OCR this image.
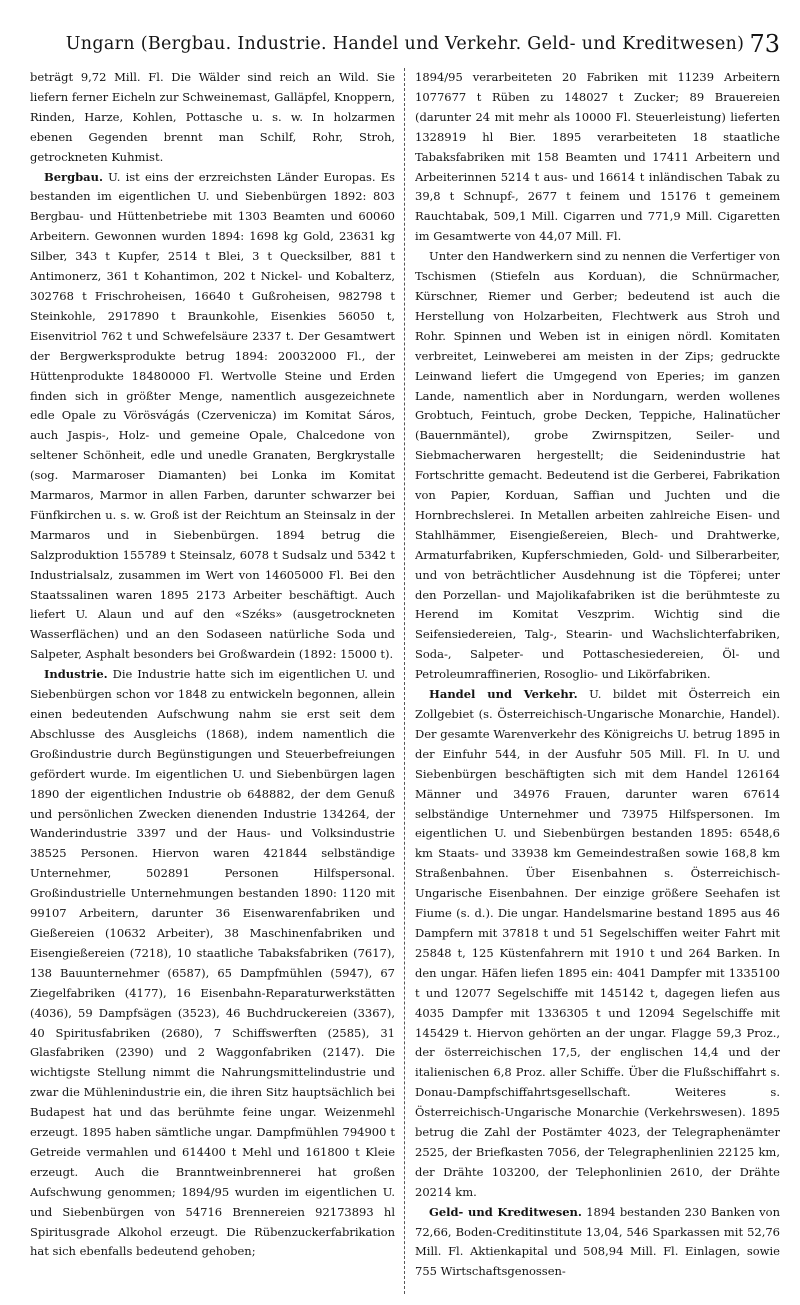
Ungarn (Bergbau. Industrie. Handel und Verkehr. Geld- und Kreditwesen) 73

beträgt 9,72 Mill. Fl. Die Wälder sind reich an Wild. Sie liefern ferner Eicheln zur Schweinemast, Galläpfel, Knoppern, Rinden, Harze, Kohlen, Pottasche u. s. w. In holzarmen ebenen Gegenden brennt man Schilf, Rohr, Stroh, getrockneten Kuhmist.

Bergbau. U. ist eins der erzreichsten Länder Europas. Es bestanden im eigentlichen U. und Siebenbürgen 1892: 803 Bergbau- und Hüttenbetriebe mit 1303 Beamten und 60060 Arbeitern. Gewonnen wurden 1894: 1698 kg Gold, 23631 kg Silber, 343 t Kupfer, 2514 t Blei, 3 t Quecksilber, 881 t Antimonerz, 361 t Kohantimon, 202 t Nickel- und Kobalterz, 302768 t Frischroheisen, 16640 t Gußroheisen, 982798 t Steinkohle, 2917890 t Braunkohle, Eisenkies 56050 t, Eisenvitriol 762 t und Schwefelsäure 2337 t. Der Gesamtwert der Bergwerksprodukte betrug 1894: 20032000 Fl., der Hüttenprodukte 18480000 Fl. Wertvolle Steine und Erden finden sich in größter Menge, namentlich ausgezeichnete edle Opale zu Vörösvágás (Czervenicza) im Komitat Sáros, auch Jaspis-, Holz- und gemeine Opale, Chalcedone von seltener Schönheit, edle und unedle Granaten, Bergkrystalle (sog. Marmaroser Diamanten) bei Lonka im Komitat Marmaros, Marmor in allen Farben, darunter schwarzer bei Fünfkirchen u. s. w. Groß ist der Reichtum an Steinsalz in der Marmaros und in Siebenbürgen. 1894 betrug die Salzproduktion 155789 t Steinsalz, 6078 t Sudsalz und 5342 t Industrialsalz, zusammen im Wert von 14605000 Fl. Bei den Staatssalinen waren 1895 2173 Arbeiter beschäftigt. Auch liefert U. Alaun und auf den «Széks» (ausgetrockneten Wasserflächen) und an den Sodaseen natürliche Soda und Salpeter, Asphalt besonders bei Großwardein (1892: 15000 t).

Industrie. Die Industrie hatte sich im eigentlichen U. und Siebenbürgen schon vor 1848 zu entwickeln begonnen, allein einen bedeutenden Aufschwung nahm sie erst seit dem Abschlusse des Ausgleichs (1868), indem namentlich die Großindustrie durch Begünstigungen und Steuerbefreiungen gefördert wurde. Im eigentlichen U. und Siebenbürgen lagen 1890 der eigentlichen Industrie ob 648882, der dem Genuß und persönlichen Zwecken dienenden Industrie 134264, der Wanderindustrie 3397 und der Haus- und Volksindustrie 38525 Personen. Hiervon waren 421844 selbständige Unternehmer, 502891 Personen Hilfspersonal. Großindustrielle Unternehmungen bestanden 1890: 1120 mit 99107 Arbeitern, darunter 36 Eisenwarenfabriken und Gießereien (10632 Arbeiter), 38 Maschinenfabriken und Eisengießereien (7218), 10 staatliche Tabaksfabriken (7617), 138 Bauunternehmer (6587), 65 Dampfmühlen (5947), 67 Ziegelfabriken (4177), 16 Eisenbahn-Reparaturwerkstätten (4036), 59 Dampfsägen (3523), 46 Buchdruckereien (3367), 40 Spiritusfabriken (2680), 7 Schiffswerften (2585), 31 Glasfabriken (2390) und 2 Waggonfabriken (2147). Die wichtigste Stellung nimmt die Nahrungsmittelindustrie und zwar die Mühlenindustrie ein, die ihren Sitz hauptsächlich bei Budapest hat und das berühmte feine ungar. Weizenmehl erzeugt. 1895 haben sämtliche ungar. Dampfmühlen 794900 t Getreide vermahlen und 614400 t Mehl und 161800 t Kleie erzeugt. Auch die Branntweinbrennerei hat großen Aufschwung genommen; 1894/95 wurden im eigentlichen U. und Siebenbürgen von 54716 Brennereien 92173893 hl Spiritusgrade Alkohol erzeugt. Die Rübenzuckerfabrikation hat sich ebenfalls bedeutend gehoben;

1894/95 verarbeiteten 20 Fabriken mit 11239 Arbeitern 1077677 t Rüben zu 148027 t Zucker; 89 Brauereien (darunter 24 mit mehr als 10000 Fl. Steuerleistung) lieferten 1328919 hl Bier. 1895 verarbeiteten 18 staatliche Tabaksfabriken mit 158 Beamten und 17411 Arbeitern und Arbeiterinnen 5214 t aus- und 16614 t inländischen Tabak zu 39,8 t Schnupf-, 2677 t feinem und 15176 t gemeinem Rauchtabak, 509,1 Mill. Cigarren und 771,9 Mill. Cigaretten im Gesamtwerte von 44,07 Mill. Fl.

Unter den Handwerkern sind zu nennen die Verfertiger von Tschismen (Stiefeln aus Korduan), die Schnürmacher, Kürschner, Riemer und Gerber; bedeutend ist auch die Herstellung von Holzarbeiten, Flechtwerk aus Stroh und Rohr. Spinnen und Weben ist in einigen nördl. Komitaten verbreitet, Leinweberei am meisten in der Zips; gedruckte Leinwand liefert die Umgegend von Eperies; im ganzen Lande, namentlich aber in Nordungarn, werden wollenes Grobtuch, Feintuch, grobe Decken, Teppiche, Halinatücher (Bauernmäntel), grobe Zwirnspitzen, Seiler- und Siebmacherwaren hergestellt; die Seidenindustrie hat Fortschritte gemacht. Bedeutend ist die Gerberei, Fabrikation von Papier, Korduan, Saffian und Juchten und die Hornbrechslerei. In Metallen arbeiten zahlreiche Eisen- und Stahlhämmer, Eisengießereien, Blech- und Drahtwerke, Armaturfabriken, Kupferschmieden, Gold- und Silberarbeiter, und von beträchtlicher Ausdehnung ist die Töpferei; unter den Porzellan- und Majolikafabriken ist die berühmteste zu Herend im Komitat Veszprim. Wichtig sind die Seifensiedereien, Talg-, Stearin- und Wachslichterfabriken, Soda-, Salpeter- und Pottaschesiedereien, Öl- und Petroleumraffinerien, Rosoglio- und Likörfabriken.

Handel und Verkehr. U. bildet mit Österreich ein Zollgebiet (s. Österreichisch-Ungarische Monarchie, Handel). Der gesamte Warenverkehr des Königreichs U. betrug 1895 in der Einfuhr 544, in der Ausfuhr 505 Mill. Fl. In U. und Siebenbürgen beschäftigten sich mit dem Handel 126164 Männer und 34976 Frauen, darunter waren 67614 selbständige Unternehmer und 73975 Hilfspersonen. Im eigentlichen U. und Siebenbürgen bestanden 1895: 6548,6 km Staats- und 33938 km Gemeindestraßen sowie 168,8 km Straßenbahnen. Über Eisenbahnen s. Österreichisch-Ungarische Eisenbahnen. Der einzige größere Seehafen ist Fiume (s. d.). Die ungar. Handelsmarine bestand 1895 aus 46 Dampfern mit 37818 t und 51 Segelschiffen weiter Fahrt mit 25848 t, 125 Küstenfahrern mit 1910 t und 264 Barken. In den ungar. Häfen liefen 1895 ein: 4041 Dampfer mit 1335100 t und 12077 Segelschiffe mit 145142 t, dagegen liefen aus 4035 Dampfer mit 1336305 t und 12094 Segelschiffe mit 145429 t. Hiervon gehörten an der ungar. Flagge 59,3 Proz., der österreichischen 17,5, der englischen 14,4 und der italienischen 6,8 Proz. aller Schiffe. Über die Flußschiffahrt s. Donau-Dampfschiffahrtsgesellschaft. Weiteres s. Österreichisch-Ungarische Monarchie (Verkehrswesen). 1895 betrug die Zahl der Postämter 4023, der Telegraphenämter 2525, der Briefkasten 7056, der Telegraphenlinien 22125 km, der Drähte 103200, der Telephonlinien 2610, der Drähte 20214 km.

Geld- und Kreditwesen. 1894 bestanden 230 Banken von 72,66, Boden-Creditinstitute 13,04, 546 Sparkassen mit 52,76 Mill. Fl. Aktienkapital und 508,94 Mill. Fl. Einlagen, sowie 755 Wirtschaftsgenossen-
